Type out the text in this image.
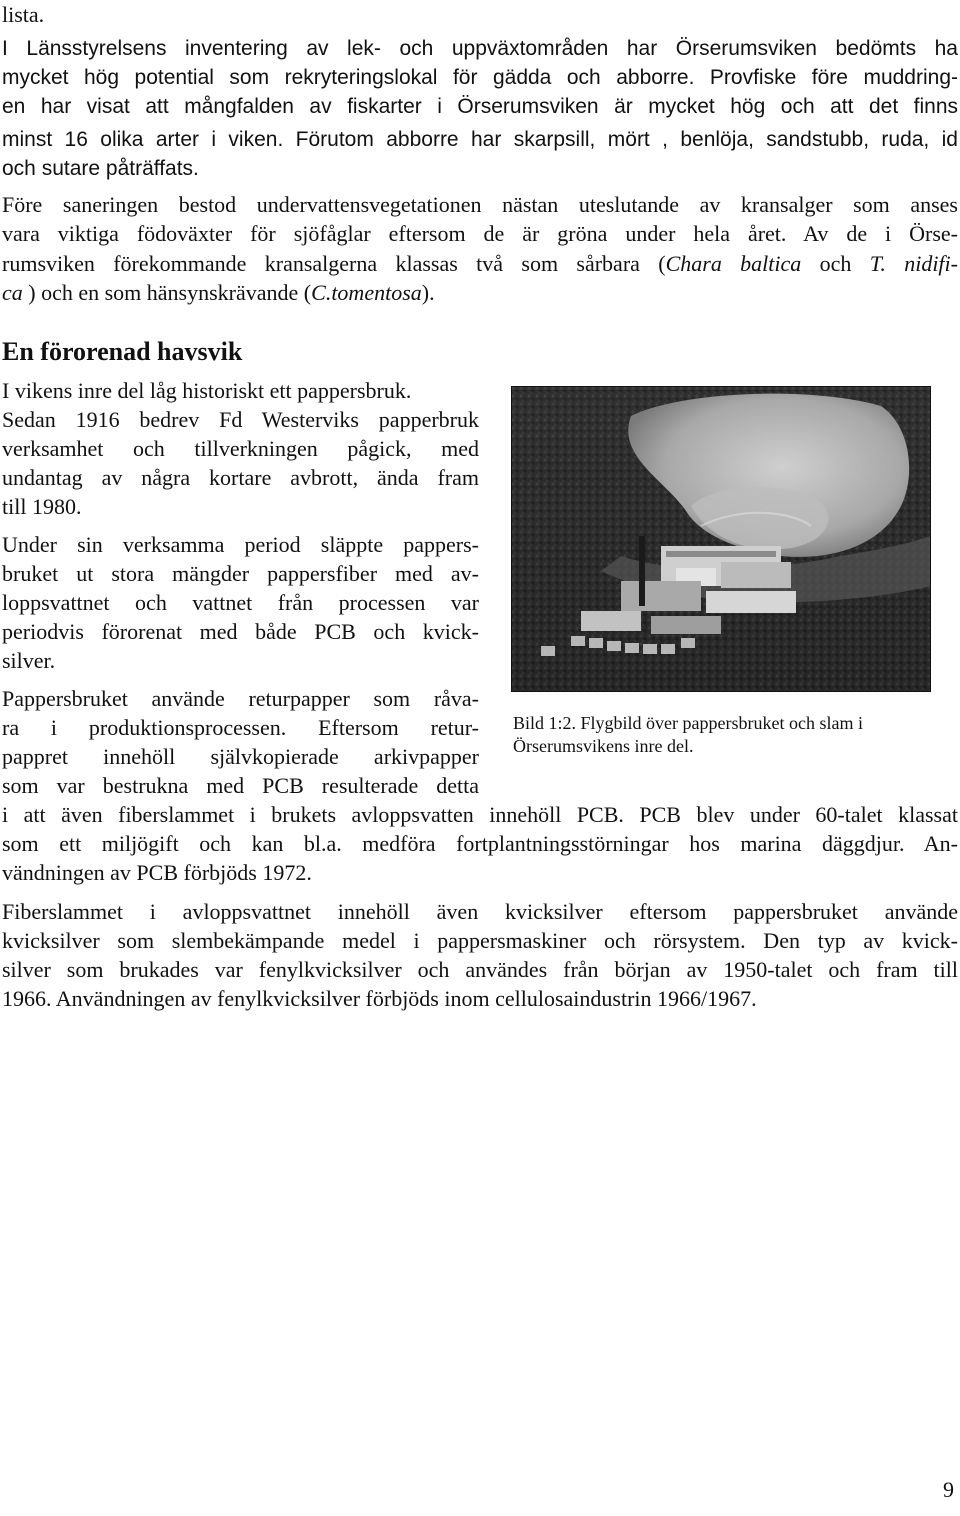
lista.
I Länsstyrelsens inventering av lek- och uppväxtområden har Örserumsviken bedömts ha
mycket hög potential som rekryteringslokal för gädda och abborre. Provfiske före muddring-
en har visat att mångfalden av fiskarter i Örserumsviken är mycket hög och att det finns
minst 16 olika arter i viken. Förutom abborre har skarpsill, mört , benlöja, sandstubb, ruda, id
och sutare påträffats.
Före saneringen bestod undervattensvegetationen nästan uteslutande av kransalger som anses
vara viktiga födoväxter för sjöfåglar eftersom de är gröna under hela året. Av de i Örse-
rumsviken förekommande kransalgerna klassas två som sårbara (Chara baltica och T. nidifi-
ca ) och en som hänsynskrävande (C.tomentosa).
En förorenad havsvik
I vikens inre del låg historiskt ett pappersbruk.
Sedan 1916 bedrev Fd Westerviks papperbruk
verksamhet och tillverkningen pågick, med
undantag av några kortare avbrott, ända fram
till 1980.
Under sin verksamma period släppte pappers-
bruket ut stora mängder pappersfiber med av-
loppsvattnet och vattnet från processen var
periodvis förorenat med både PCB och kvick-
silver.
Pappersbruket använde returpapper som råva-
ra i produktionsprocessen. Eftersom retur-
pappret innehöll självkopierade arkivpapper
som var bestrukna med PCB resulterade detta
Bild 1:2. Flygbild över pappersbruket och slam i
Örserumsvikens inre del.
i att även fiberslammet i brukets avloppsvatten innehöll PCB. PCB blev under 60-talet klassat
som ett miljögift och kan bl.a. medföra fortplantningsstörningar hos marina däggdjur. An-
vändningen av PCB förbjöds 1972.
Fiberslammet i avloppsvattnet innehöll även kvicksilver eftersom pappersbruket använde
kvicksilver som slembekämpande medel i pappersmaskiner och rörsystem. Den typ av kvick-
silver som brukades var fenylkvicksilver och användes från början av 1950-talet och fram till
1966. Användningen av fenylkvicksilver förbjöds inom cellulosaindustrin 1966/1967.
9
